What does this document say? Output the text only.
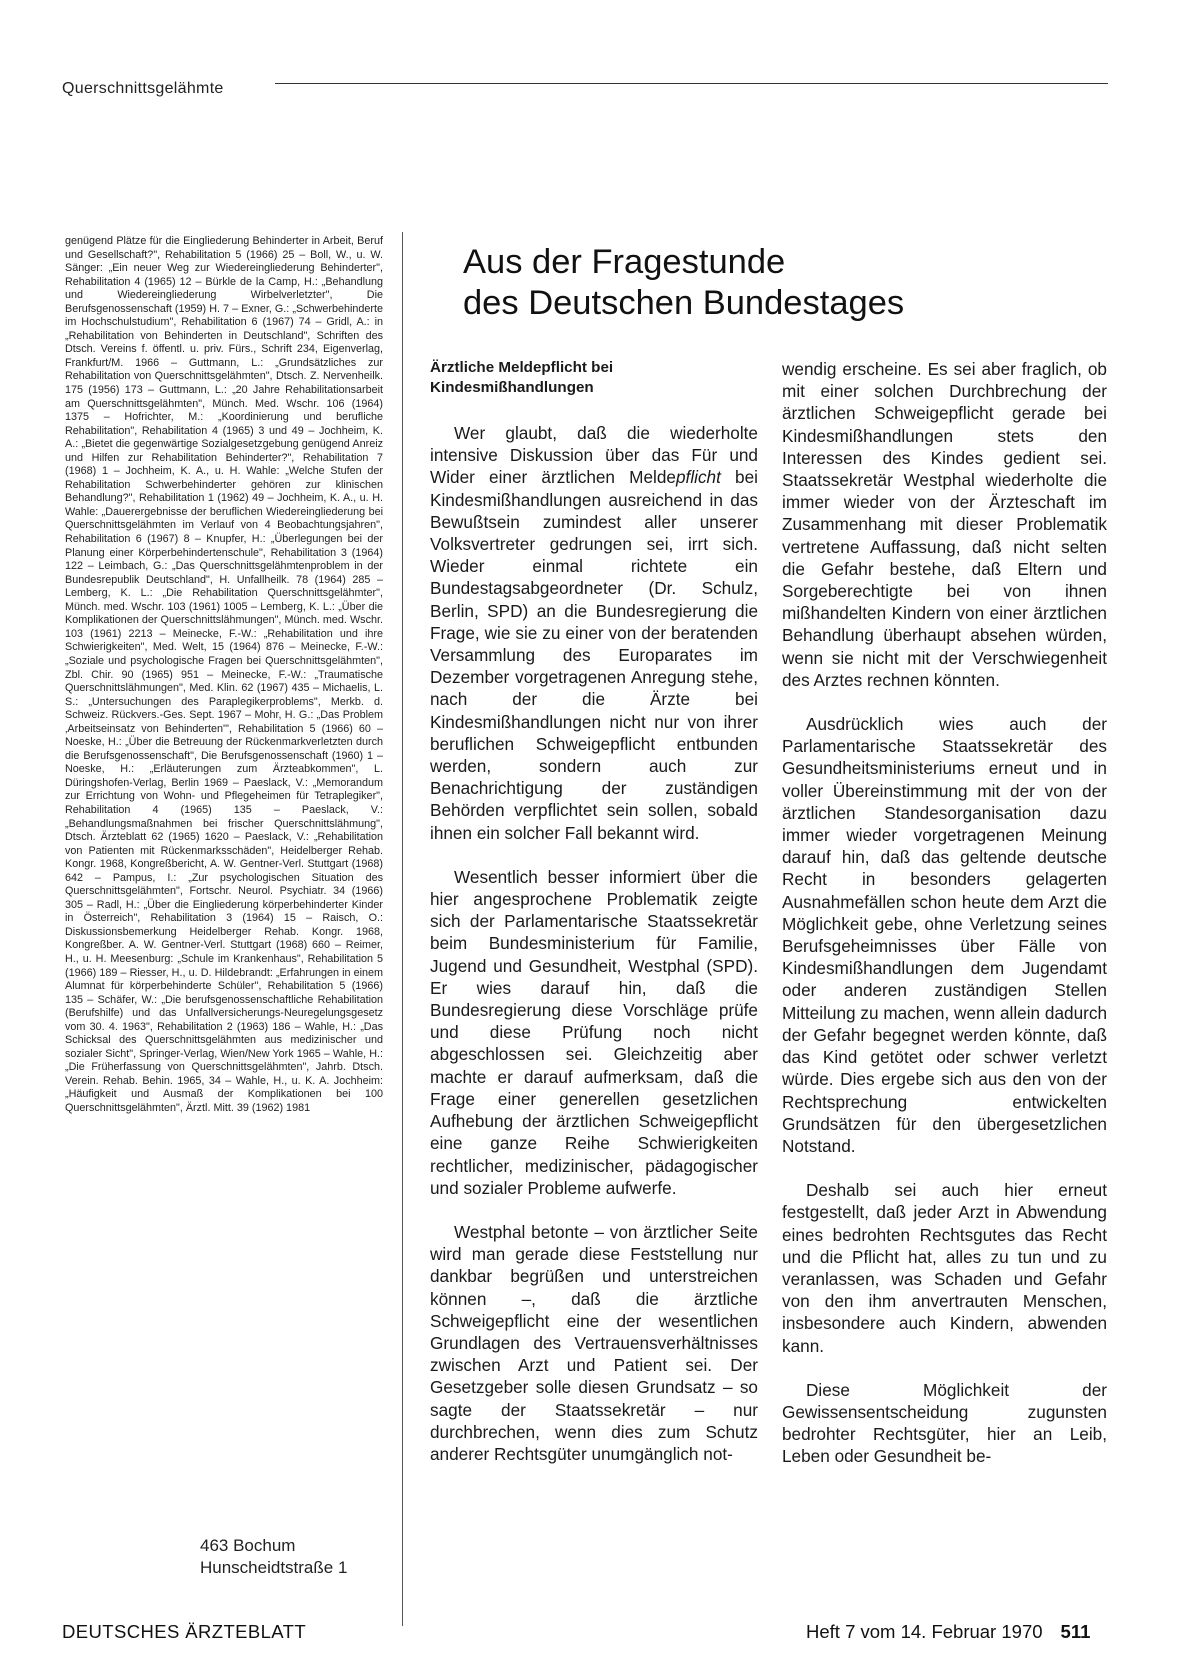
Querschnittsgelähmte

genügend Plätze für die Eingliederung Behinderter in Arbeit, Beruf und Gesellschaft?", Rehabilitation 5 (1966) 25 – Boll, W., u. W. Sänger: „Ein neuer Weg zur Wiedereingliederung Behinderter", Rehabilitation 4 (1965) 12 – Bürkle de la Camp, H.: „Behandlung und Wiedereingliederung Wirbelverletzter", Die Berufsgenossenschaft (1959) H. 7 – Exner, G.: „Schwerbehinderte im Hochschulstudium", Rehabilitation 6 (1967) 74 – Gridl, A.: in „Rehabilitation von Behinderten in Deutschland", Schriften des Dtsch. Vereins f. öffentl. u. priv. Fürs., Schrift 234, Eigenverlag, Frankfurt/M. 1966 – Guttmann, L.: „Grundsätzliches zur Rehabilitation von Querschnittsgelähmten", Dtsch. Z. Nervenheilk. 175 (1956) 173 – Guttmann, L.: „20 Jahre Rehabilitationsarbeit am Querschnittsgelähmten", Münch. Med. Wschr. 106 (1964) 1375 – Hofrichter, M.: „Koordinierung und berufliche Rehabilitation", Rehabilitation 4 (1965) 3 und 49 – Jochheim, K. A.: „Bietet die gegenwärtige Sozialgesetzgebung genügend Anreiz und Hilfen zur Rehabilitation Behinderter?", Rehabilitation 7 (1968) 1 – Jochheim, K. A., u. H. Wahle: „Welche Stufen der Rehabilitation Schwerbehinderter gehören zur klinischen Behandlung?", Rehabilitation 1 (1962) 49 – Jochheim, K. A., u. H. Wahle: „Dauerergebnisse der beruflichen Wiedereingliederung bei Querschnittsgelähmten im Verlauf von 4 Beobachtungsjahren", Rehabilitation 6 (1967) 8 – Knupfer, H.: „Überlegungen bei der Planung einer Körperbehindertenschule", Rehabilitation 3 (1964) 122 – Leimbach, G.: „Das Querschnittsgelähmtenproblem in der Bundesrepublik Deutschland", H. Unfallheilk. 78 (1964) 285 – Lemberg, K. L.: „Die Rehabilitation Querschnittsgelähmter", Münch. med. Wschr. 103 (1961) 1005 – Lemberg, K. L.: „Über die Komplikationen der Querschnittslähmungen", Münch. med. Wschr. 103 (1961) 2213 – Meinecke, F.-W.: „Rehabilitation und ihre Schwierigkeiten", Med. Welt, 15 (1964) 876 – Meinecke, F.-W.: „Soziale und psychologische Fragen bei Querschnittsgelähmten", Zbl. Chir. 90 (1965) 951 – Meinecke, F.-W.: „Traumatische Querschnittslähmungen", Med. Klin. 62 (1967) 435 – Michaelis, L. S.: „Untersuchungen des Paraplegikerproblems", Merkb. d. Schweiz. Rückvers.-Ges. Sept. 1967 – Mohr, H. G.: „Das Problem ‚Arbeitseinsatz von Behinderten'", Rehabilitation 5 (1966) 60 – Noeske, H.: „Über die Betreuung der Rückenmarkverletzten durch die Berufsgenossenschaft", Die Berufsgenossenschaft (1960) 1 – Noeske, H.: „Erläuterungen zum Ärzteabkommen", L. Düringshofen-Verlag, Berlin 1969 – Paeslack, V.: „Memorandum zur Errichtung von Wohn- und Pflegeheimen für Tetraplegiker", Rehabilitation 4 (1965) 135 – Paeslack, V.: „Behandlungsmaßnahmen bei frischer Querschnittslähmung", Dtsch. Ärzteblatt 62 (1965) 1620 – Paeslack, V.: „Rehabilitation von Patienten mit Rückenmarksschäden", Heidelberger Rehab. Kongr. 1968, Kongreßbericht, A. W. Gentner-Verl. Stuttgart (1968) 642 – Pampus, I.: „Zur psychologischen Situation des Querschnittsgelähmten", Fortschr. Neurol. Psychiatr. 34 (1966) 305 – Radl, H.: „Über die Eingliederung körperbehinderter Kinder in Österreich", Rehabilitation 3 (1964) 15 – Raisch, O.: Diskussionsbemerkung Heidelberger Rehab. Kongr. 1968, Kongreßber. A. W. Gentner-Verl. Stuttgart (1968) 660 – Reimer, H., u. H. Meesenburg: „Schule im Krankenhaus", Rehabilitation 5 (1966) 189 – Riesser, H., u. D. Hildebrandt: „Erfahrungen in einem Alumnat für körperbehinderte Schüler", Rehabilitation 5 (1966) 135 – Schäfer, W.: „Die berufsgenossenschaftliche Rehabilitation (Berufshilfe) und das Unfallversicherungs-Neuregelungsgesetz vom 30. 4. 1963", Rehabilitation 2 (1963) 186 – Wahle, H.: „Das Schicksal des Querschnittsgelähmten aus medizinischer und sozialer Sicht", Springer-Verlag, Wien/New York 1965 – Wahle, H.: „Die Früherfassung von Querschnittsgelähmten", Jahrb. Dtsch. Verein. Rehab. Behin. 1965, 34 – Wahle, H., u. K. A. Jochheim: „Häufigkeit und Ausmaß der Komplikationen bei 100 Querschnittsgelähmten", Ärztl. Mitt. 39 (1962) 1981

463 Bochum
Hunscheidtstraße 1
Aus der Fragestunde
des Deutschen Bundestages
Ärztliche Meldepflicht bei
Kindesmißhandlungen

Wer glaubt, daß die wiederholte intensive Diskussion über das Für und Wider einer ärztlichen Meldepflicht bei Kindesmißhandlungen ausreichend in das Bewußtsein zumindest aller unserer Volksvertreter gedrungen sei, irrt sich. Wieder einmal richtete ein Bundestagsabgeordneter (Dr. Schulz, Berlin, SPD) an die Bundesregierung die Frage, wie sie zu einer von der beratenden Versammlung des Europarates im Dezember vorgetragenen Anregung stehe, nach der die Ärzte bei Kindesmißhandlungen nicht nur von ihrer beruflichen Schweigepflicht entbunden werden, sondern auch zur Benachrichtigung der zuständigen Behörden verpflichtet sein sollen, sobald ihnen ein solcher Fall bekannt wird.

Wesentlich besser informiert über die hier angesprochene Problematik zeigte sich der Parlamentarische Staatssekretär beim Bundesministerium für Familie, Jugend und Gesundheit, Westphal (SPD). Er wies darauf hin, daß die Bundesregierung diese Vorschläge prüfe und diese Prüfung noch nicht abgeschlossen sei. Gleichzeitig aber machte er darauf aufmerksam, daß die Frage einer generellen gesetzlichen Aufhebung der ärztlichen Schweigepflicht eine ganze Reihe Schwierigkeiten rechtlicher, medizinischer, pädagogischer und sozialer Probleme aufwerfe.

Westphal betonte – von ärztlicher Seite wird man gerade diese Feststellung nur dankbar begrüßen und unterstreichen können –, daß die ärztliche Schweigepflicht eine der wesentlichen Grundlagen des Vertrauensverhältnisses zwischen Arzt und Patient sei. Der Gesetzgeber solle diesen Grundsatz – so sagte der Staatssekretär – nur durchbrechen, wenn dies zum Schutz anderer Rechtsgüter unumgänglich not-

wendig erscheine. Es sei aber fraglich, ob mit einer solchen Durchbrechung der ärztlichen Schweigepflicht gerade bei Kindesmißhandlungen stets den Interessen des Kindes gedient sei. Staatssekretär Westphal wiederholte die immer wieder von der Ärzteschaft im Zusammenhang mit dieser Problematik vertretene Auffassung, daß nicht selten die Gefahr bestehe, daß Eltern und Sorgeberechtigte bei von ihnen mißhandelten Kindern von einer ärztlichen Behandlung überhaupt absehen würden, wenn sie nicht mit der Verschwiegenheit des Arztes rechnen könnten.

Ausdrücklich wies auch der Parlamentarische Staatssekretär des Gesundheitsministeriums erneut und in voller Übereinstimmung mit der von der ärztlichen Standesorganisation dazu immer wieder vorgetragenen Meinung darauf hin, daß das geltende deutsche Recht in besonders gelagerten Ausnahmefällen schon heute dem Arzt die Möglichkeit gebe, ohne Verletzung seines Berufsgeheimnisses über Fälle von Kindesmißhandlungen dem Jugendamt oder anderen zuständigen Stellen Mitteilung zu machen, wenn allein dadurch der Gefahr begegnet werden könnte, daß das Kind getötet oder schwer verletzt würde. Dies ergebe sich aus den von der Rechtsprechung entwickelten Grundsätzen für den übergesetzlichen Notstand.

Deshalb sei auch hier erneut festgestellt, daß jeder Arzt in Abwendung eines bedrohten Rechtsgutes das Recht und die Pflicht hat, alles zu tun und zu veranlassen, was Schaden und Gefahr von den ihm anvertrauten Menschen, insbesondere auch Kindern, abwenden kann.

Diese Möglichkeit der Gewissensentscheidung zugunsten bedrohter Rechtsgüter, hier an Leib, Leben oder Gesundheit be-

DEUTSCHES ÄRZTEBLATT	Heft 7 vom 14. Februar 1970 511
